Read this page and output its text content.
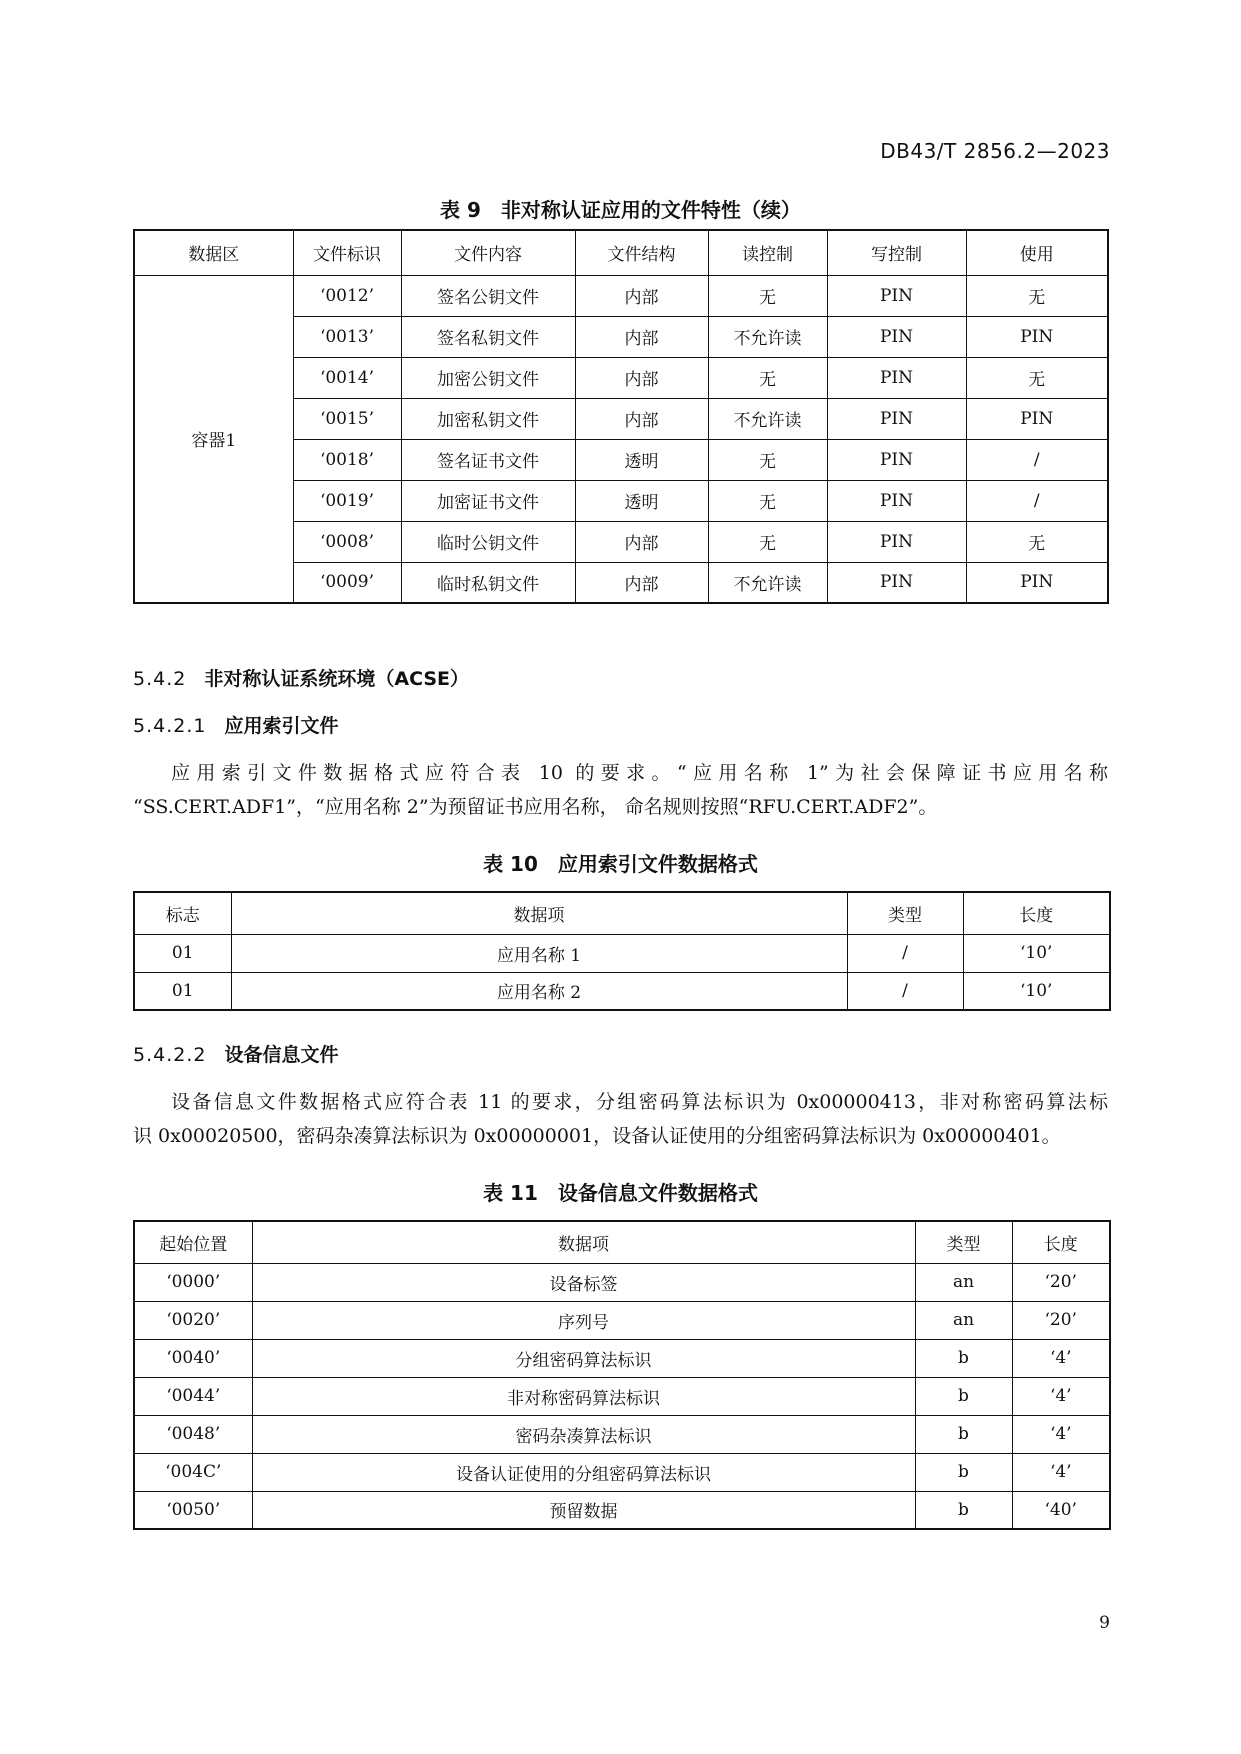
DB43/T 2856.2—2023
表 9　非对称认证应用的文件特性（续）
数据区	文件标识	文件内容	文件结构	读控制	写控制	使用
容器1	‘0012’	签名公钥文件	内部	无	PIN	无
	‘0013’	签名私钥文件	内部	不允许读	PIN	PIN
	‘0014’	加密公钥文件	内部	无	PIN	无
	‘0015’	加密私钥文件	内部	不允许读	PIN	PIN
	‘0018’	签名证书文件	透明	无	PIN	/
	‘0019’	加密证书文件	透明	无	PIN	/
	‘0008’	临时公钥文件	内部	无	PIN	无
	‘0009’	临时私钥文件	内部	不允许读	PIN	PIN
5.4.2 非对称认证系统环境（ACSE）
5.4.2.1 应用索引文件

应用索引文件数据格式应符合表 10 的要求。“应用名称 1”为社会保障证书应用名称

“SS.CERT.ADF1”，“应用名称 2”为预留证书应用名称， 命名规则按照“RFU.CERT.ADF2”。

表 10　应用索引文件数据格式
标志	数据项	类型	长度
01	应用名称 1	/	‘10’
01	应用名称 2	/	‘10’
5.4.2.2 设备信息文件

设备信息文件数据格式应符合表 11 的要求，分组密码算法标识为 0x00000413，非对称密码算法标

识 0x00020500，密码杂凑算法标识为 0x00000001，设备认证使用的分组密码算法标识为 0x00000401。

表 11　设备信息文件数据格式
起始位置	数据项	类型	长度
‘0000’	设备标签	an	‘20’
‘0020’	序列号	an	‘20’
‘0040’	分组密码算法标识	b	‘4’
‘0044’	非对称密码算法标识	b	‘4’
‘0048’	密码杂凑算法标识	b	‘4’
‘004C’	设备认证使用的分组密码算法标识	b	‘4’
‘0050’	预留数据	b	‘40’
9
